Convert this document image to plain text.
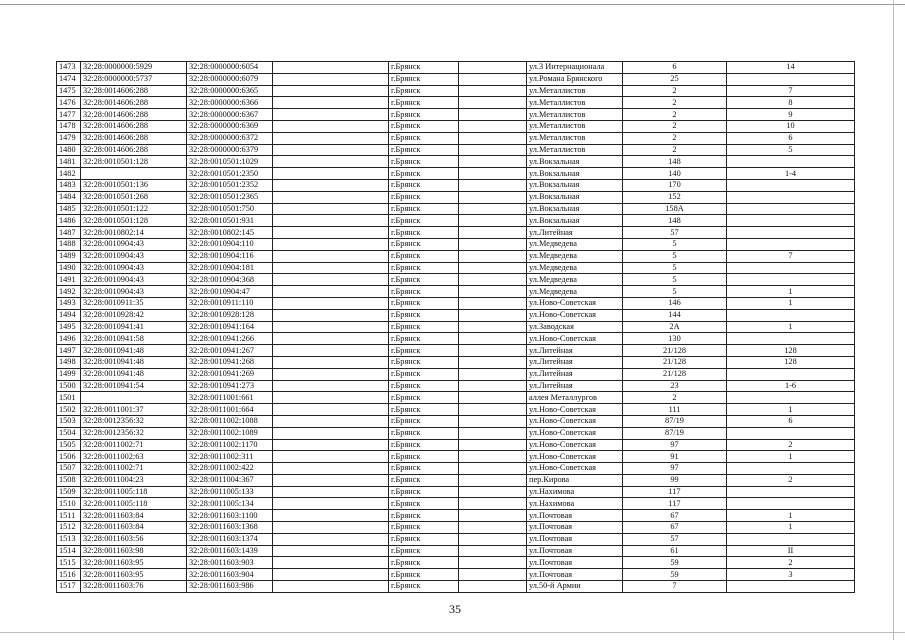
1473	32:28:0000000:5929	32:28:0000000:6054		г.Брянск		ул.3 Интернационала	6	14
1474	32:28:0000000:5737	32:28:0000000:6079		г.Брянск		ул.Романа Брянского	25	
1475	32:28:0014606:288	32:28:0000000:6365		г.Брянск		ул.Металлистов	2	7
1476	32:28:0014606:288	32:28:0000000:6366		г.Брянск		ул.Металлистов	2	8
1477	32:28:0014606:288	32:28:0000000:6367		г.Брянск		ул.Металлистов	2	9
1478	32:28:0014606:288	32:28:0000000:6369		г.Брянск		ул.Металлистов	2	10
1479	32:28:0014606:288	32:28:0000000:6372		г.Брянск		ул.Металлистов	2	6
1480	32:28:0014606:288	32:28:0000000:6379		г.Брянск		ул.Металлистов	2	5
1481	32:28:0010501:128	32:28:0010501:1029		г.Брянск		ул.Вокзальная	148	
1482		32:28:0010501:2350		г.Брянск		ул.Вокзальная	140	1-4
1483	32:28:0010501:136	32:28:0010501:2352		г.Брянск		ул.Вокзальная	170	
1484	32:28:0010501:268	32:28:0010501:2365		г.Брянск		ул.Вокзальная	152	
1485	32:28:0010501:122	32:28:0010501:750		г.Брянск		ул.Вокзальная	158А	
1486	32:28:0010501:128	32:28:0010501:931		г.Брянск		ул.Вокзальная	148	
1487	32:28:0010802:14	32:28:0010802:145		г.Брянск		ул.Литейная	57	
1488	32:28:0010904:43	32:28:0010904:110		г.Брянск		ул.Медведева	5	
1489	32:28:0010904:43	32:28:0010904:116		г.Брянск		ул.Медведева	5	7
1490	32:28:0010904:43	32:28:0010904:181		г.Брянск		ул.Медведева	5	
1491	32:28:0010904:43	32:28:0010904:368		г.Брянск		ул.Медведева	5	
1492	32:28:0010904:43	32:28:0010904:47		г.Брянск		ул.Медведева	5	1
1493	32:28:0010911:35	32:28:0010911:110		г.Брянск		ул.Ново-Советская	146	1
1494	32:28:0010928:42	32:28:0010928:128		г.Брянск		ул.Ново-Советская	144	
1495	32:28:0010941:41	32:28:0010941:164		г.Брянск		ул.Заводская	2А	1
1496	32:28:0010941:58	32:28:0010941:266		г.Брянск		ул.Ново-Советская	130	
1497	32:28:0010941:48	32:28:0010941:267		г.Брянск		ул.Литейная	21/128	128
1498	32:28:0010941:48	32:28:0010941:268		г.Брянск		ул.Литейная	21/128	128
1499	32:28:0010941:48	32:28:0010941:269		г.Брянск		ул.Литейная	21/128	
1500	32:28:0010941:54	32:28:0010941:273		г.Брянск		ул.Литейная	23	1-6
1501		32:28:0011001:661		г.Брянск		аллея Металлургов	2	
1502	32:28:0011001:37	32:28:0011001:664		г.Брянск		ул.Ново-Советская	111	1
1503	32:28:0012356:32	32:28:0011002:1088		г.Брянск		ул.Ново-Советская	87/19	6
1504	32:28:0012356:32	32:28:0011002:1089		г.Брянск		ул.Ново-Советская	87/19	
1505	32:28:0011002:71	32:28:0011002:1170		г.Брянск		ул.Ново-Советская	97	2
1506	32:28:0011002:63	32:28:0011002:311		г.Брянск		ул.Ново-Советская	91	1
1507	32:28:0011002:71	32:28:0011002:422		г.Брянск		ул.Ново-Советская	97	
1508	32:28:0011004:23	32:28:0011004:367		г.Брянск		пер.Кирова	99	2
1509	32:28:0011005:118	32:28:0011005:133		г.Брянск		ул.Нахимова	117	
1510	32:28:0011005:118	32:28:0011005:134		г.Брянск		ул.Нахимова	117	
1511	32:28:0011603:84	32:28:0011603:1100		г.Брянск		ул.Почтовая	67	1
1512	32:28:0011603:84	32:28:0011603:1368		г.Брянск		ул.Почтовая	67	1
1513	32:28:0011603:56	32:28:0011603:1374		г.Брянск		ул.Почтовая	57	
1514	32:28:0011603:98	32:28:0011603:1439		г.Брянск		ул.Почтовая	61	II
1515	32:28:0011603:95	32:28:0011603:903		г.Брянск		ул.Почтовая	59	2
1516	32:28:0011603:95	32:28:0011603:904		г.Брянск		ул.Почтовая	59	3
1517	32:28:0011603:76	32:28:0011603:986		г.Брянск		ул.50-й Армии	7	
35
